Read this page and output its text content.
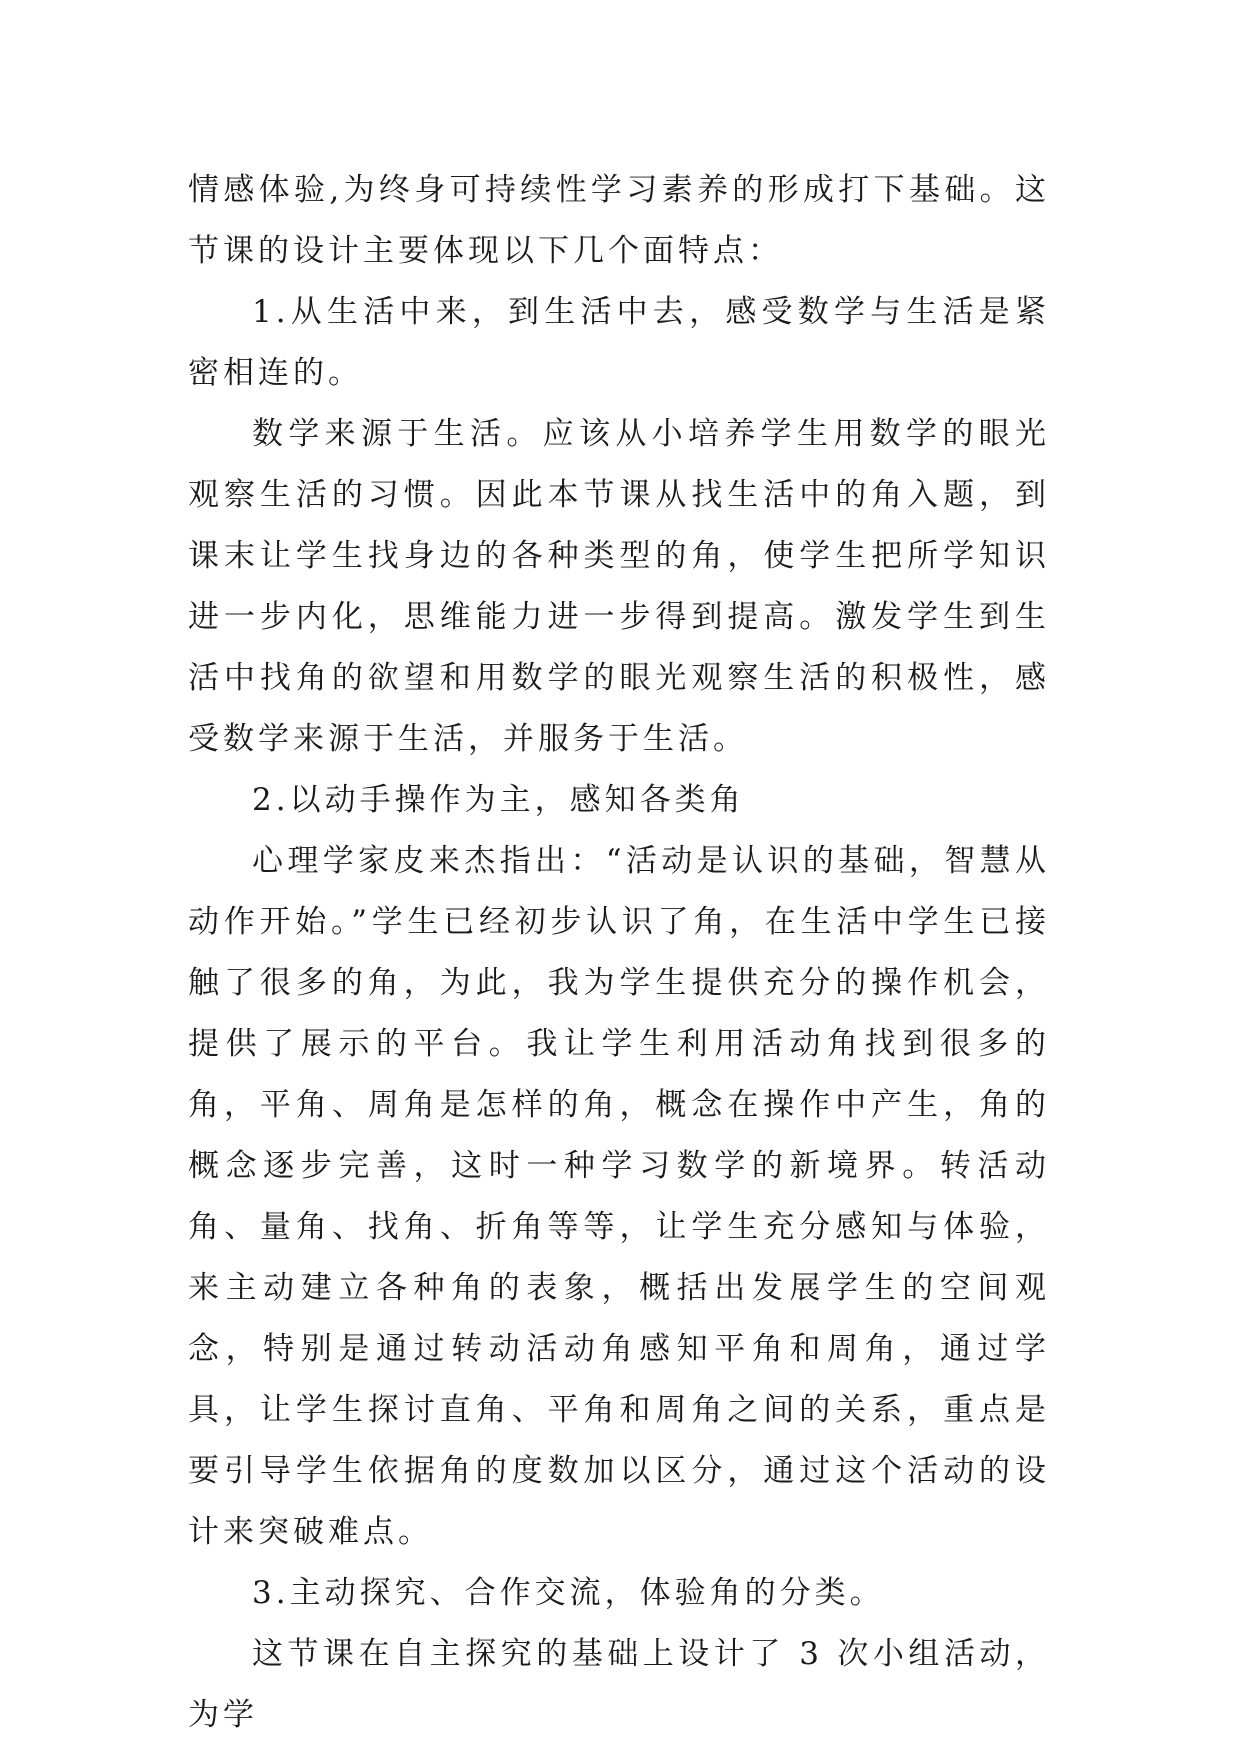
情感体验,为终身可持续性学习素养的形成打下基础。这节课的设计主要体现以下几个面特点：

1.从生活中来，到生活中去，感受数学与生活是紧密相连的。

数学来源于生活。应该从小培养学生用数学的眼光观察生活的习惯。因此本节课从找生活中的角入题，到课末让学生找身边的各种类型的角，使学生把所学知识进一步内化，思维能力进一步得到提高。激发学生到生活中找角的欲望和用数学的眼光观察生活的积极性，感受数学来源于生活，并服务于生活。

2.以动手操作为主，感知各类角

心理学家皮来杰指出：“活动是认识的基础，智慧从动作开始。”学生已经初步认识了角，在生活中学生已接触了很多的角，为此，我为学生提供充分的操作机会，提供了展示的平台。我让学生利用活动角找到很多的角，平角、周角是怎样的角，概念在操作中产生，角的概念逐步完善，这时一种学习数学的新境界。转活动角、量角、找角、折角等等，让学生充分感知与体验，来主动建立各种角的表象，概括出发展学生的空间观念，特别是通过转动活动角感知平角和周角，通过学具，让学生探讨直角、平角和周角之间的关系，重点是要引导学生依据角的度数加以区分，通过这个活动的设计来突破难点。

3.主动探究、合作交流，体验角的分类。

这节课在自主探究的基础上设计了 3 次小组活动，为学
